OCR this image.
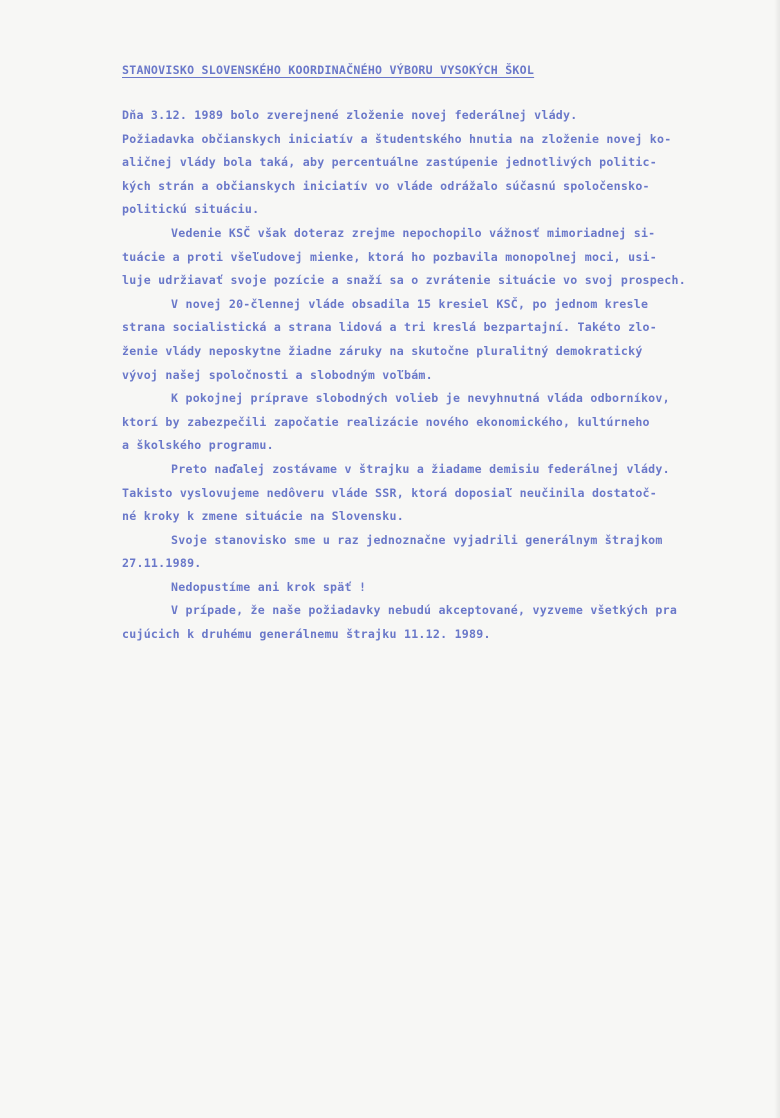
STANOVISKO SLOVENSKÉHO KOORDINAČNÉHO VÝBORU VYSOKÝCH ŠKOL
Dňa 3.12. 1989 bolo zverejnené zloženie novej federálnej vlády.
Požiadavka občianskych iniciatív a študentského hnutia na zloženie novej ko-
aličnej vlády bola taká, aby percentuálne zastúpenie jednotlivých politic-
kých strán a občianskych iniciatív vo vláde odrážalo súčasnú spoločensko-
politickú situáciu.
Vedenie KSČ však doteraz zrejme nepochopilo vážnosť mimoriadnej si-
tuácie a proti všeľudovej mienke, ktorá ho pozbavila monopolnej moci, usi-
luje udržiavať svoje pozície a snaží sa o zvrátenie situácie vo svoj prospech.
V novej 20-člennej vláde obsadila 15 kresiel KSČ, po jednom kresle
strana socialistická a strana lidová a tri kreslá bezpartajní. Takéto zlo-
ženie vlády neposkytne žiadne záruky na skutočne pluralitný demokratický
vývoj našej spoločnosti a slobodným voľbám.
K pokojnej príprave slobodných volieb je nevyhnutná vláda odborníkov,
ktorí by zabezpečili započatie realizácie nového ekonomického, kultúrneho
a školského programu.
Preto naďalej zostávame v štrajku a žiadame demisiu federálnej vlády.
Takisto vyslovujeme nedôveru vláde SSR, ktorá doposiaľ neučinila dostatoč-
né kroky k zmene situácie na Slovensku.
Svoje stanovisko sme u raz jednoznačne vyjadrili generálnym štrajkom
27.11.1989.
Nedopustíme ani krok späť !
V prípade, že naše požiadavky nebudú akceptované, vyzveme všetkých pra
cujúcich k druhému generálnemu štrajku 11.12. 1989.
